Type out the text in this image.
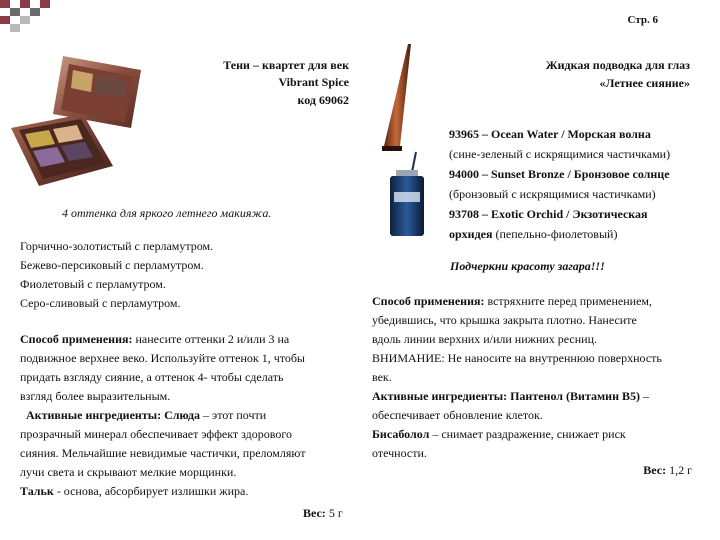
Стр. 6
Тени – квартет для век
Vibrant Spice
код 69062
4 оттенка для яркого летнего макияжа.
Горчично-золотистый с перламутром.
Бежево-персиковый с перламутром.
Фиолетовый с перламутром.
Серо-сливовый с перламутром.
Способ применения: нанесите оттенки 2 и/или 3 на
подвижное верхнее веко. Используйте оттенок 1, чтобы
придать взгляду сияние, а оттенок 4- чтобы сделать
взгляд более выразительным.
Активные ингредиенты: Слюда – этот почти
прозрачный минерал обеспечивает эффект здорового
сияния. Мельчайшие невидимые частички, преломляют
лучи света и скрывают мелкие морщинки.
Тальк - основа, абсорбирует излишки жира.
Вес: 5 г
Жидкая подводка для глаз
«Летнее сияние»
93965 – Ocean Water / Морская волна
(сине-зеленый с искрящимися частичками)
94000 – Sunset Bronze / Бронзовое солнце
(бронзовый с искрящимися частичками)
93708 – Exotic Orchid / Экзотическая
орхидея (пепельно-фиолетовый)
Подчеркни красоту загара!!!
Способ применения: встряхните перед применением,
убедившись, что крышка закрыта плотно. Нанесите
вдоль линии верхних и/или нижних ресниц.
ВНИМАНИЕ: Не наносите на внутреннюю поверхность
век.
Активные ингредиенты: Пантенол (Витамин B5) –
обеспечивает обновление клеток.
Бисаболол – снимает раздражение, снижает риск
отечности.
Вес: 1,2 г
